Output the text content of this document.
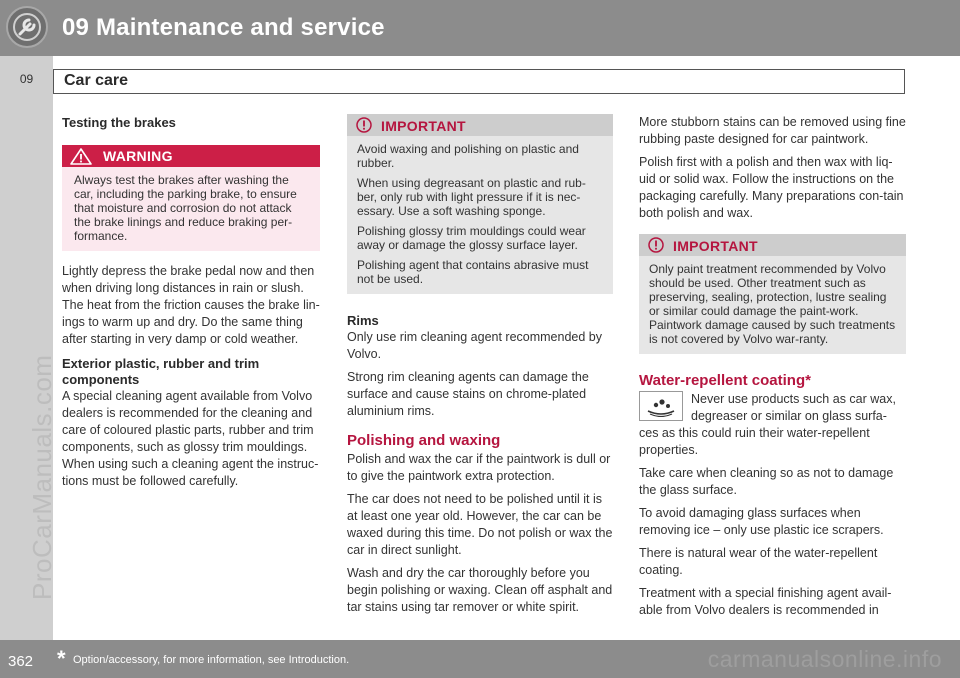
09 Maintenance and service
09
ProCarManuals.com
Car care
Testing the brakes
WARNING
Always test the brakes after washing the car, including the parking brake, to ensure that moisture and corrosion do not attack the brake linings and reduce braking per-formance.

Lightly depress the brake pedal now and then when driving long distances in rain or slush. The heat from the friction causes the brake lin-ings to warm up and dry. Do the same thing after starting in very damp or cold weather.

Exterior plastic, rubber and trim components

A special cleaning agent available from Volvo dealers is recommended for the cleaning and care of coloured plastic parts, rubber and trim components, such as glossy trim mouldings. When using such a cleaning agent the instruc-tions must be followed carefully.

IMPORTANT

Avoid waxing and polishing on plastic and rubber.

When using degreasant on plastic and rub-ber, only rub with light pressure if it is nec-essary. Use a soft washing sponge.

Polishing glossy trim mouldings could wear away or damage the glossy surface layer.

Polishing agent that contains abrasive must not be used.

Rims

Only use rim cleaning agent recommended by Volvo.

Strong rim cleaning agents can damage the surface and cause stains on chrome-plated aluminium rims.

Polishing and waxing

Polish and wax the car if the paintwork is dull or to give the paintwork extra protection.

The car does not need to be polished until it is at least one year old. However, the car can be waxed during this time. Do not polish or wax the car in direct sunlight.

Wash and dry the car thoroughly before you begin polishing or waxing. Clean off asphalt and tar stains using tar remover or white spirit.

More stubborn stains can be removed using fine rubbing paste designed for car paintwork.

Polish first with a polish and then wax with liq-uid or solid wax. Follow the instructions on the packaging carefully. Many preparations con-tain both polish and wax.

IMPORTANT
Only paint treatment recommended by Volvo should be used. Other treatment such as preserving, sealing, protection, lustre sealing or similar could damage the paint-work. Paintwork damage caused by such treatments is not covered by Volvo war-ranty.
Water-repellent coating*
Never use products such as car wax, degreaser or similar on glass surfa-

ces as this could ruin their water-repellent properties.

Take care when cleaning so as not to damage the glass surface.

To avoid damaging glass surfaces when removing ice – only use plastic ice scrapers.

There is natural wear of the water-repellent coating.

Treatment with a special finishing agent avail-able from Volvo dealers is recommended in

362 * Option/accessory, for more information, see Introduction.	carmanualsonline.info
